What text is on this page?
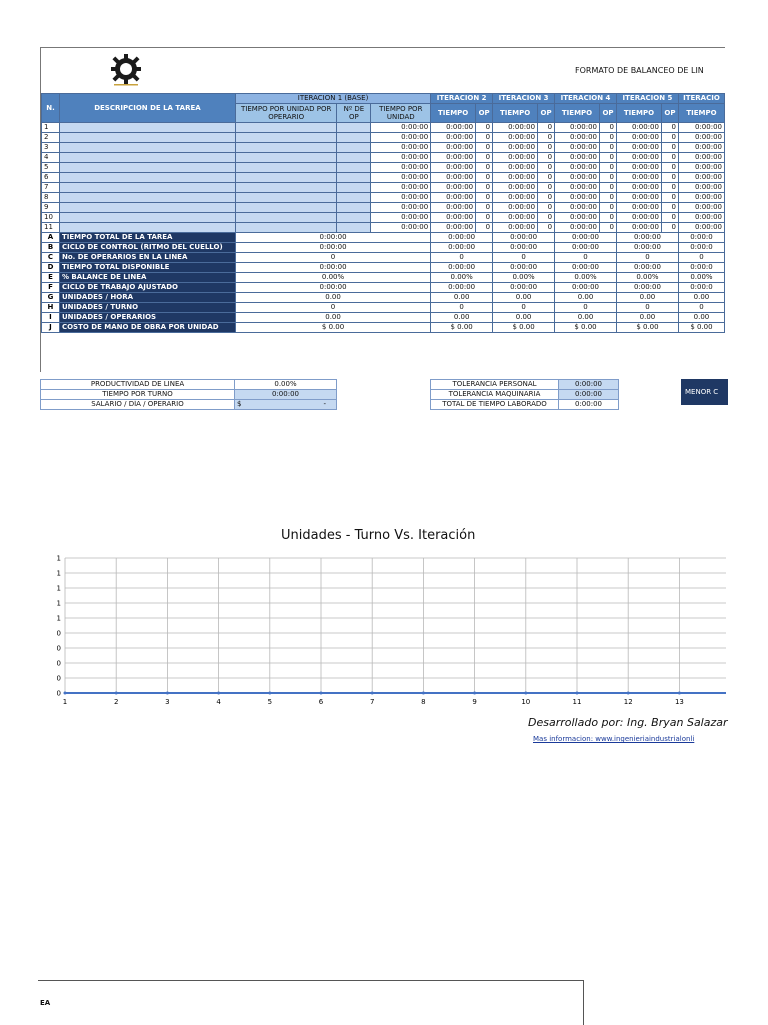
FORMATO DE BALANCEO DE LIN
N.	DESCRIPCION DE LA TAREA	ITERACION 1 (BASE)			ITERACION 2		ITERACION 3		ITERACION 4		ITERACION 5		ITERACIO
		TIEMPO POR UNIDAD POR OPERARIO	Nº DE OP	TIEMPO POR UNIDAD	TIEMPO	OP	TIEMPO	OP	TIEMPO	OP	TIEMPO	OP	TIEMPO
1				0:00:00	0:00:00	0	0:00:00	0	0:00:00	0	0:00:00	0	0:00:00
2				0:00:00	0:00:00	0	0:00:00	0	0:00:00	0	0:00:00	0	0:00:00
3				0:00:00	0:00:00	0	0:00:00	0	0:00:00	0	0:00:00	0	0:00:00
4				0:00:00	0:00:00	0	0:00:00	0	0:00:00	0	0:00:00	0	0:00:00
5				0:00:00	0:00:00	0	0:00:00	0	0:00:00	0	0:00:00	0	0:00:00
6				0:00:00	0:00:00	0	0:00:00	0	0:00:00	0	0:00:00	0	0:00:00
7				0:00:00	0:00:00	0	0:00:00	0	0:00:00	0	0:00:00	0	0:00:00
8				0:00:00	0:00:00	0	0:00:00	0	0:00:00	0	0:00:00	0	0:00:00
9				0:00:00	0:00:00	0	0:00:00	0	0:00:00	0	0:00:00	0	0:00:00
10				0:00:00	0:00:00	0	0:00:00	0	0:00:00	0	0:00:00	0	0:00:00
11				0:00:00	0:00:00	0	0:00:00	0	0:00:00	0	0:00:00	0	0:00:00
A	TIEMPO TOTAL DE LA TAREA	0:00:00			0:00:00		0:00:00		0:00:00		0:00:00		0:00:0
B	CICLO DE CONTROL (RITMO DEL CUELLO)	0:00:00			0:00:00		0:00:00		0:00:00		0:00:00		0:00:0
C	No. DE OPERARIOS EN LA LINEA	0			0		0		0		0		0
D	TIEMPO TOTAL DISPONIBLE	0:00:00			0:00:00		0:00:00		0:00:00		0:00:00		0:00:0
E	% BALANCE DE LINEA	0.00%			0.00%		0.00%		0.00%		0.00%		0.00%
F	CICLO DE TRABAJO AJUSTADO	0:00:00			0:00:00		0:00:00		0:00:00		0:00:00		0:00:0
G	UNIDADES / HORA	0.00			0.00		0.00		0.00		0.00		0.00
H	UNIDADES / TURNO	0			0		0		0		0		0
I	UNIDADES / OPERARIOS	0.00			0.00		0.00		0.00		0.00		0.00
J	COSTO DE MANO DE OBRA POR UNIDAD	$ 0.00			$ 0.00		$ 0.00		$ 0.00		$ 0.00		$ 0.00
PRODUCTIVIDAD DE LINEA	0.00%
TIEMPO POR TURNO	0:00:00
SALARIO / DÍA / OPERARIO	$ -
TOLERANCIA PERSONAL	0:00:00
TOLERANCIA MAQUINARIA	0:00:00
TOTAL DE TIEMPO LABORADO	0:00:00
MENOR C
Unidades - Turno Vs. Iteración
1
1
1
1
1
0
0
0
0
0
1	2	3	4	5	6	7	8	9	10	11	12	13
Desarrollado por: Ing. Bryan Salazar
Mas informacion: www.ingenieriaindustrialonli
EA
